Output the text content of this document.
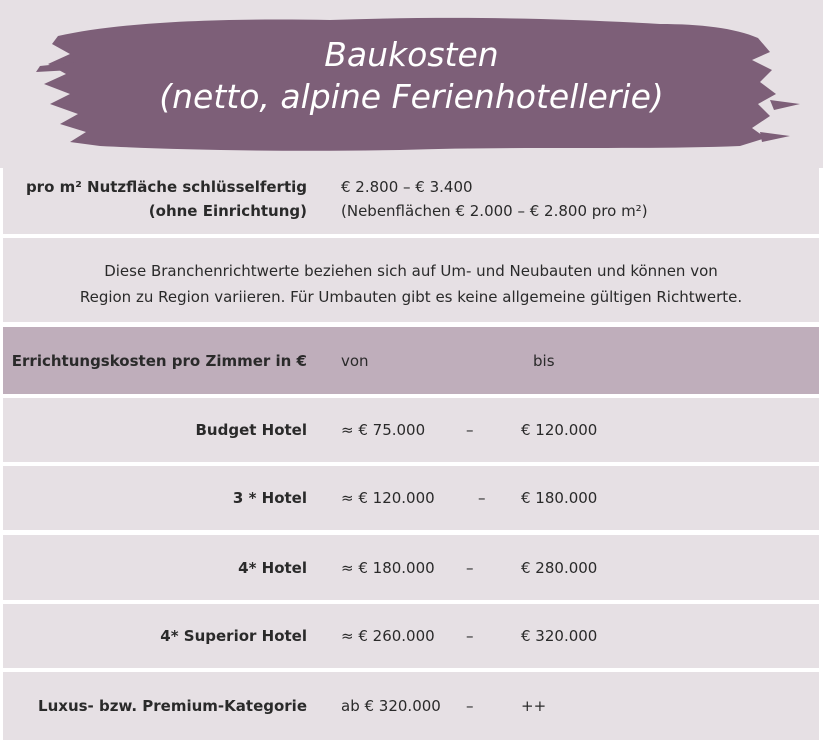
Baukosten
(netto, alpine Ferienhotellerie)
pro m² Nutzfläche schlüsselfertig
(ohne Einrichtung)
€ 2.800 – € 3.400
(Nebenflächen € 2.000 – € 2.800 pro m²)
Diese Branchenrichtwerte beziehen sich auf Um- und Neubauten und können von
Region zu Region variieren. Für Umbauten gibt es keine allgemeine gültigen Richtwerte.
Errichtungskosten pro Zimmer in € von	bis
Budget Hotel ≈ € 75.000	–	€ 120.000
3 * Hotel ≈ € 120.000	– € 180.000
4* Hotel ≈ € 180.000 –	€ 280.000
4* Superior Hotel ≈ € 260.000 –	€ 320.000
Luxus- bzw. Premium-Kategorie ab € 320.000 –	++
